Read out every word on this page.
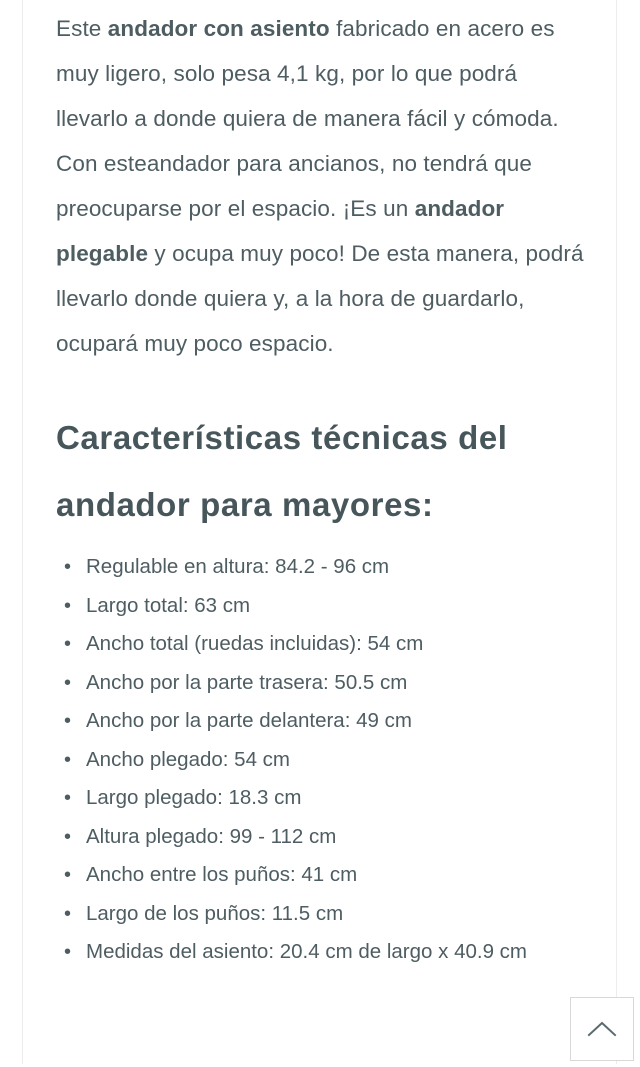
Este andador con asiento fabricado en acero es muy ligero, solo pesa 4,1 kg, por lo que podrá llevarlo a donde quiera de manera fácil y cómoda. Con esteandador para ancianos, no tendrá que preocuparse por el espacio. ¡Es un andador plegable y ocupa muy poco! De esta manera, podrá llevarlo donde quiera y, a la hora de guardarlo, ocupará muy poco espacio.

Características técnicas del andador para mayores:
• Regulable en altura: 84.2 - 96 cm
• Largo total: 63 cm
• Ancho total (ruedas incluidas): 54 cm
• Ancho por la parte trasera: 50.5 cm
• Ancho por la parte delantera: 49 cm
• Ancho plegado: 54 cm
• Largo plegado: 18.3 cm
• Altura plegado: 99 - 112 cm
• Ancho entre los puños: 41 cm
• Largo de los puños: 11.5 cm
• Medidas del asiento: 20.4 cm de largo x 40.9 cm
